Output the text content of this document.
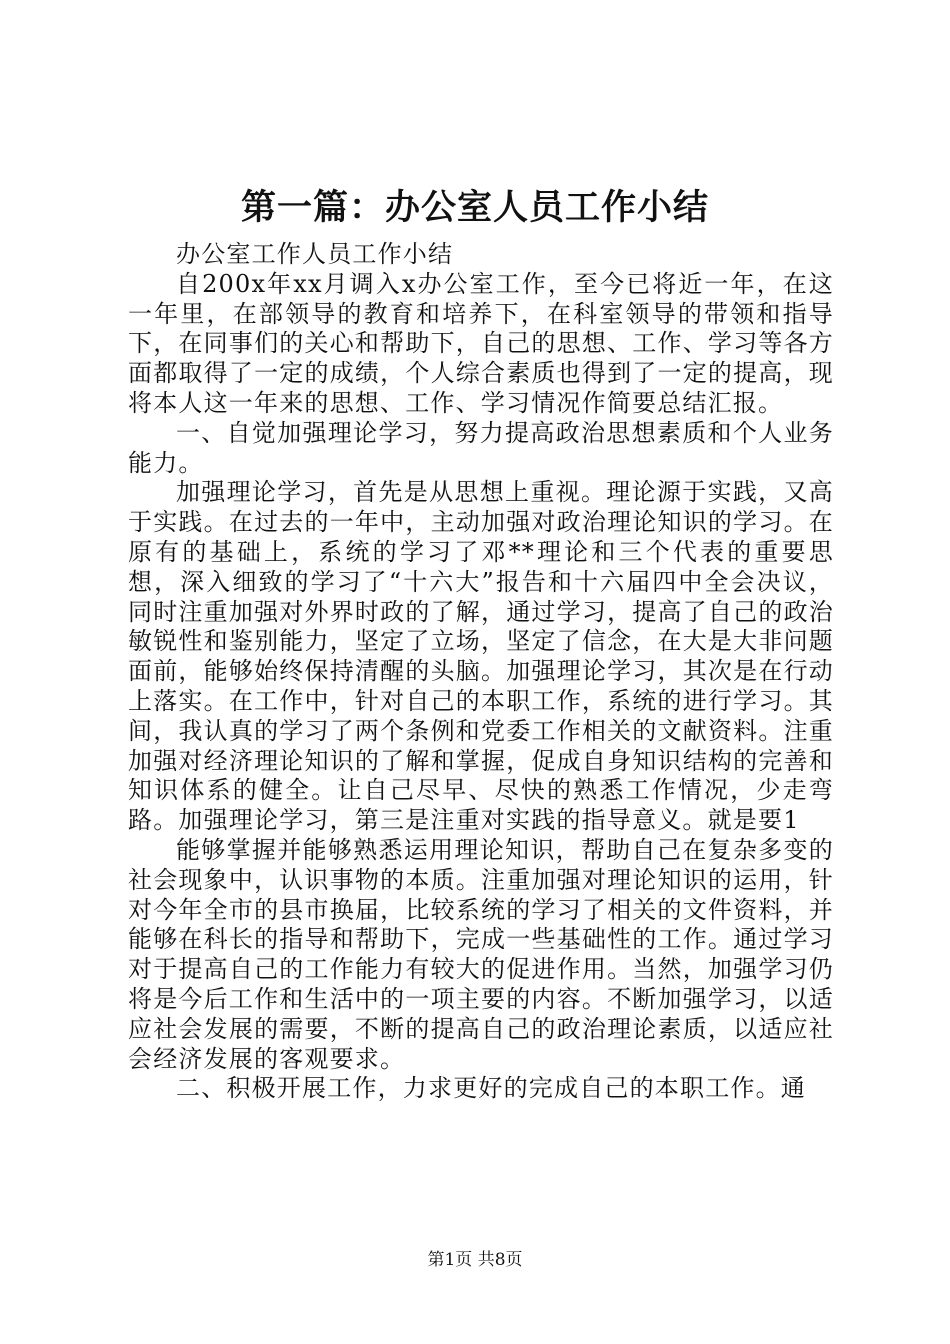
第一篇：办公室人员工作小结

办公室工作人员工作小结

自200x年xx月调入x办公室工作，至今已将近一年，在这一年里，在部领导的教育和培养下，在科室领导的带领和指导下，在同事们的关心和帮助下，自己的思想、工作、学习等各方面都取得了一定的成绩，个人综合素质也得到了一定的提高，现将本人这一年来的思想、工作、学习情况作简要总结汇报。

一、自觉加强理论学习，努力提高政治思想素质和个人业务能力。

加强理论学习，首先是从思想上重视。理论源于实践，又高于实践。在过去的一年中，主动加强对政治理论知识的学习。在原有的基础上，系统的学习了邓**理论和三个代表的重要思想，深入细致的学习了“十六大”报告和十六届四中全会决议，同时注重加强对外界时政的了解，通过学习，提高了自己的政治敏锐性和鉴别能力，坚定了立场，坚定了信念，在大是大非问题面前，能够始终保持清醒的头脑。加强理论学习，其次是在行动上落实。在工作中，针对自己的本职工作，系统的进行学习。其间，我认真的学习了两个条例和党委工作相关的文献资料。注重加强对经济理论知识的了解和掌握，促成自身知识结构的完善和知识体系的健全。让自己尽早、尽快的熟悉工作情况，少走弯路。加强理论学习，第三是注重对实践的指导意义。就是要1

能够掌握并能够熟悉运用理论知识，帮助自己在复杂多变的社会现象中，认识事物的本质。注重加强对理论知识的运用，针对今年全市的县市换届，比较系统的学习了相关的文件资料，并能够在科长的指导和帮助下，完成一些基础性的工作。通过学习对于提高自己的工作能力有较大的促进作用。当然，加强学习仍将是今后工作和生活中的一项主要的内容。不断加强学习，以适应社会发展的需要，不断的提高自己的政治理论素质，以适应社会经济发展的客观要求。

二、积极开展工作，力求更好的完成自己的本职工作。通

第1页 共8页
